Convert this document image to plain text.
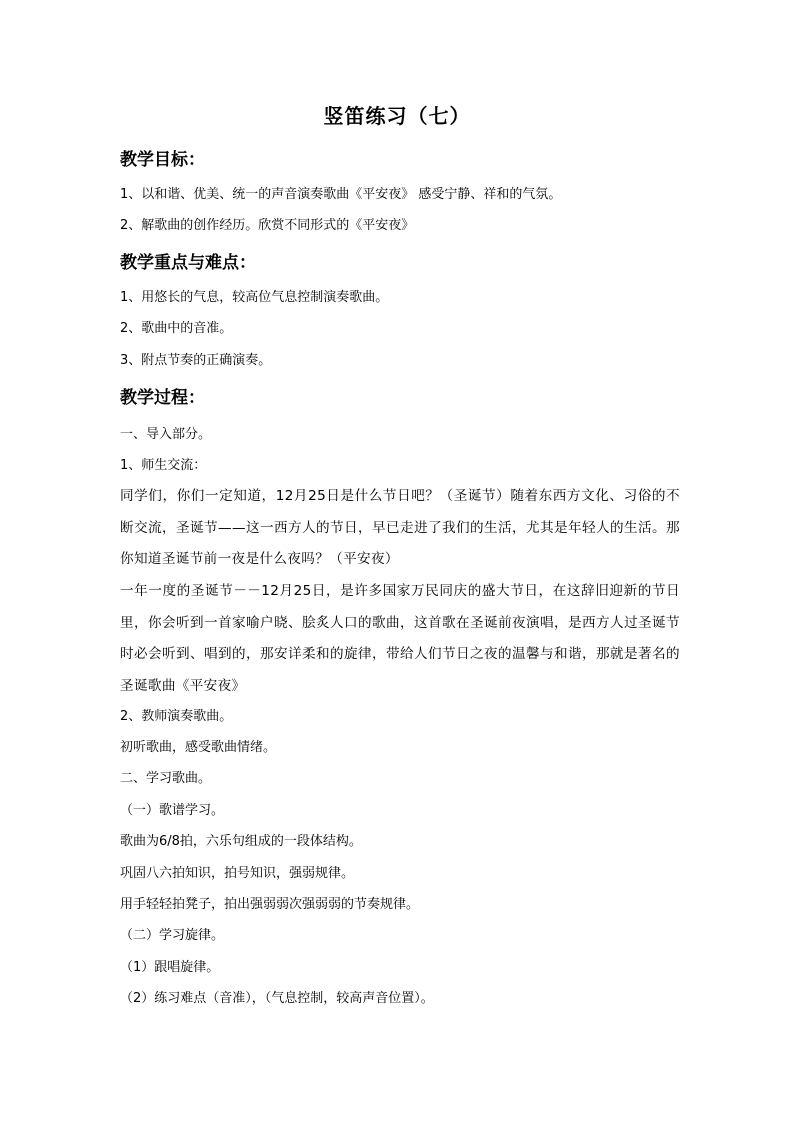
竖笛练习（七）
教学目标：
1、以和谐、优美、统一的声音演奏歌曲《平安夜》 感受宁静、祥和的气氛。
2、解歌曲的创作经历。欣赏不同形式的《平安夜》
教学重点与难点：
1、用悠长的气息，较高位气息控制演奏歌曲。
2、歌曲中的音准。
3、附点节奏的正确演奏。
教学过程：
一、导入部分。
1、师生交流：
同学们，你们一定知道，12月25日是什么节日吧？（圣诞节）随着东西方文化、习俗的不断交流，圣诞节——这一西方人的节日，早已走进了我们的生活，尤其是年轻人的生活。那你知道圣诞节前一夜是什么夜吗？（平安夜）
一年一度的圣诞节－－12月25日，是许多国家万民同庆的盛大节日，在这辞旧迎新的节日里，你会听到一首家喻户晓、脍炙人口的歌曲，这首歌在圣诞前夜演唱，是西方人过圣诞节时必会听到、唱到的，那安详柔和的旋律，带给人们节日之夜的温馨与和谐，那就是著名的圣诞歌曲《平安夜》
2、教师演奏歌曲。
初听歌曲，感受歌曲情绪。
二、学习歌曲。
（一）歌谱学习。
歌曲为6/8拍，六乐句组成的一段体结构。
巩固八六拍知识，拍号知识，强弱规律。
用手轻轻拍凳子，拍出强弱弱次强弱弱的节奏规律。
（二）学习旋律。
（1）跟唱旋律。
（2）练习难点（音准），（气息控制，较高声音位置）。
